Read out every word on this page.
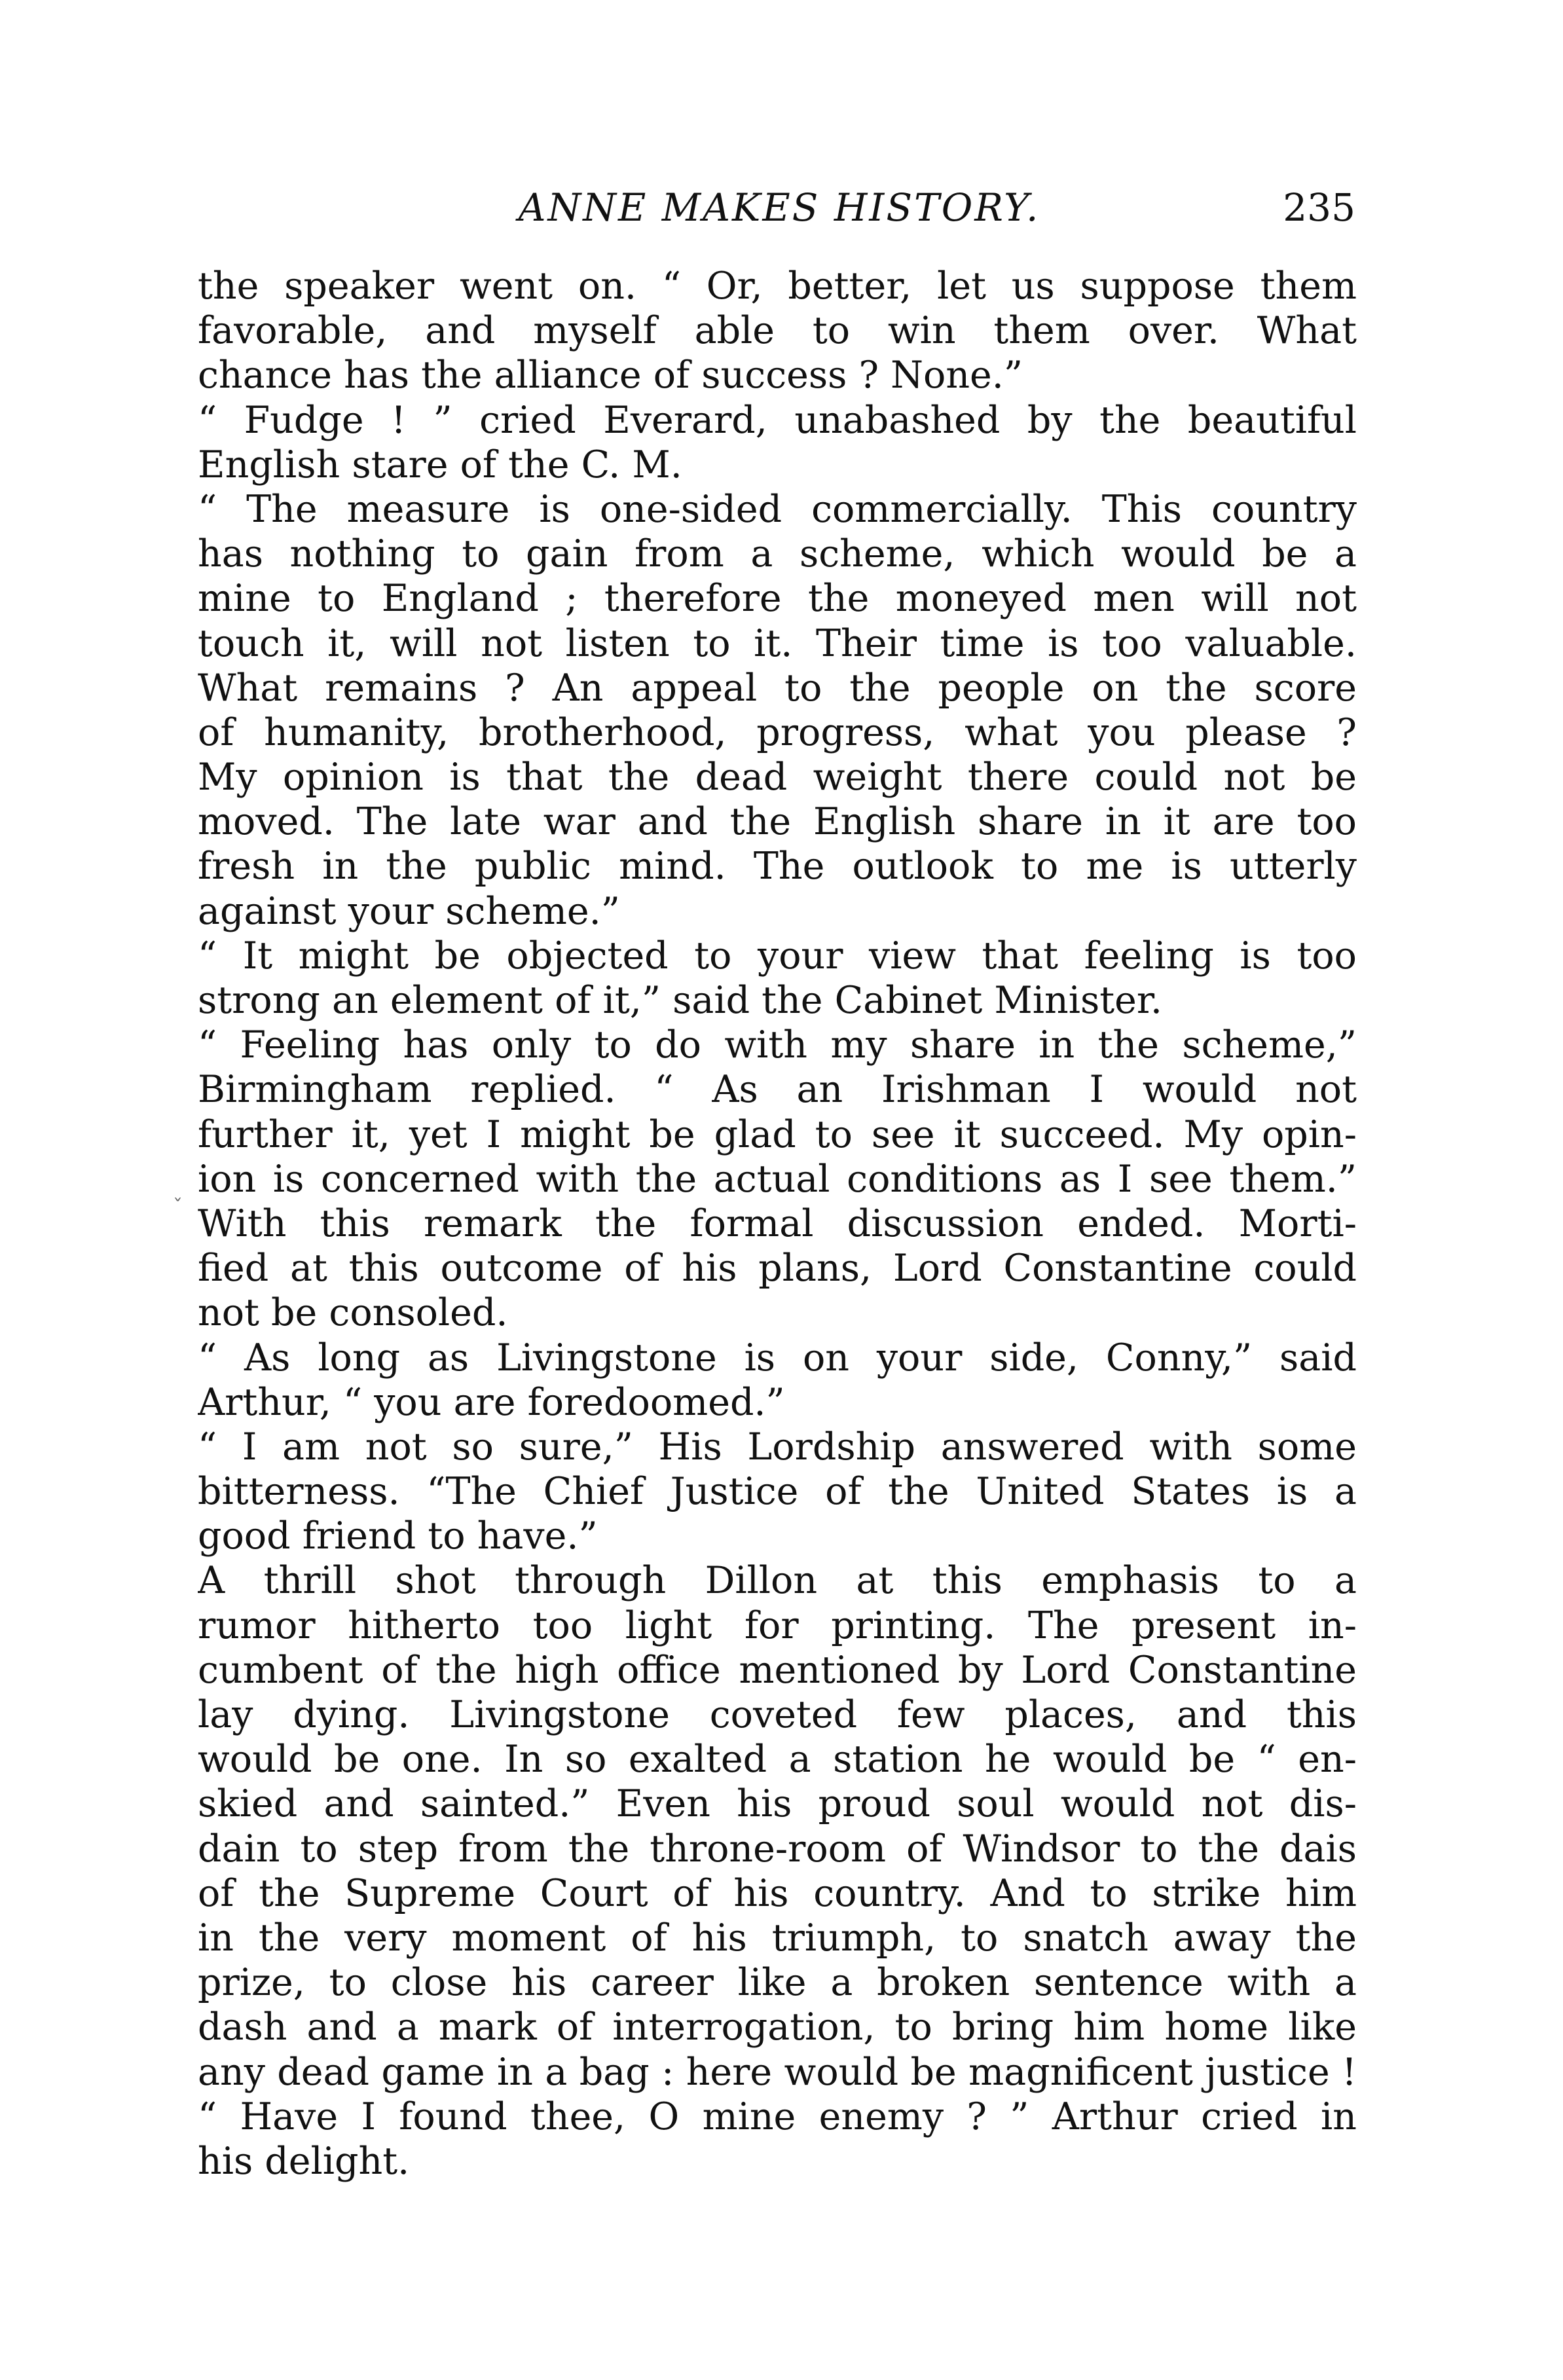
ANNE MAKES HISTORY.	235
ˇ
the speaker went on. “ Or, better, let us suppose them
favorable, and myself able to win them over. What
chance has the alliance of success ? None.”
“ Fudge ! ” cried Everard, unabashed by the beautiful
English stare of the C. M.
“ The measure is one-sided commercially. This country
has nothing to gain from a scheme, which would be a
mine to England ; therefore the moneyed men will not
touch it, will not listen to it. Their time is too valuable.
What remains ? An appeal to the people on the score
of humanity, brotherhood, progress, what you please ?
My opinion is that the dead weight there could not be
moved. The late war and the English share in it are too
fresh in the public mind. The outlook to me is utterly
against your scheme.”
“ It might be objected to your view that feeling is too
strong an element of it,” said the Cabinet Minister.
“ Feeling has only to do with my share in the scheme,”
Birmingham replied. “ As an Irishman I would not
further it, yet I might be glad to see it succeed. My opin-
ion is concerned with the actual conditions as I see them.”
With this remark the formal discussion ended. Morti-
fied at this outcome of his plans, Lord Constantine could
not be consoled.
“ As long as Livingstone is on your side, Conny,” said
Arthur, “ you are foredoomed.”
“ I am not so sure,” His Lordship answered with some
bitterness. “The Chief Justice of the United States is a
good friend to have.”
A thrill shot through Dillon at this emphasis to a
rumor hitherto too light for printing. The present in-
cumbent of the high office mentioned by Lord Constantine
lay dying. Livingstone coveted few places, and this
would be one. In so exalted a station he would be “ en-
skied and sainted.” Even his proud soul would not dis-
dain to step from the throne-room of Windsor to the dais
of the Supreme Court of his country. And to strike him
in the very moment of his triumph, to snatch away the
prize, to close his career like a broken sentence with a
dash and a mark of interrogation, to bring him home like
any dead game in a bag : here would be magnificent justice !
“ Have I found thee, O mine enemy ? ” Arthur cried in
his delight.
